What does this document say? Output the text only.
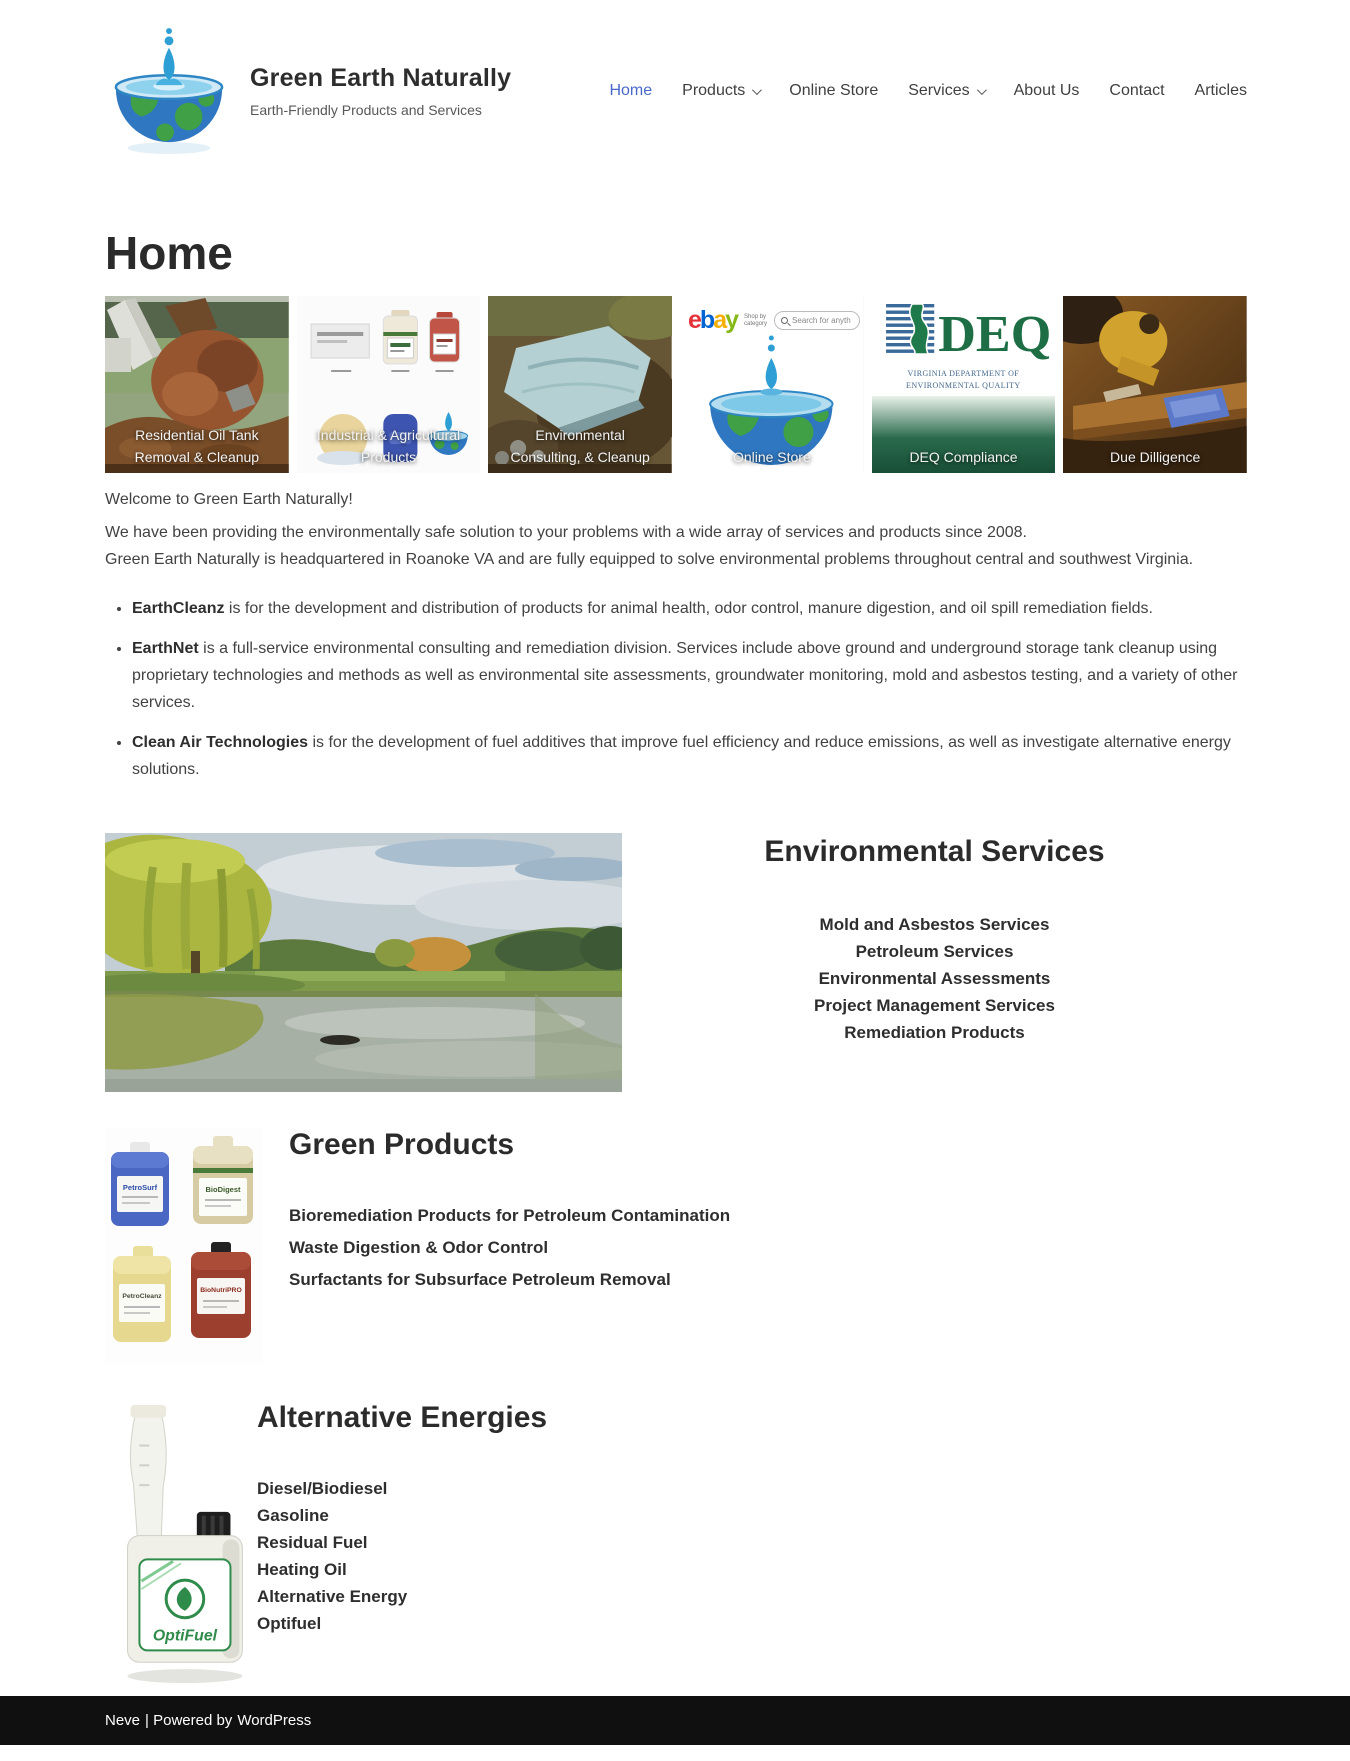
Green Earth Naturally
Earth-Friendly Products and Services
Home Products	Online Store Services	About Us Contact Articles
Home
Residential Oil Tank
Removal & Cleanup
Industrial & Agricultural
Products
Environmental
Consulting, & Cleanup
ebay Shop by
category	Search for anyth
Online Store
DEQ
VIRGINIA DEPARTMENT OF
ENVIRONMENTAL QUALITY
DEQ Compliance	Due Dilligence

Welcome to Green Earth Naturally!

We have been providing the environmentally safe solution to your problems with a wide array of services and products since 2008.
Green Earth Naturally is headquartered in Roanoke VA and are fully equipped to solve environmental problems throughout central and southwest Virginia.

• EarthCleanz is for the development and distribution of products for animal health, odor control, manure digestion, and oil spill remediation fields.
• EarthNet is a full-service environmental consulting and remediation division. Services include above ground and underground storage tank cleanup using proprietary technologies and methods as well as environmental site assessments, groundwater monitoring, mold and asbestos testing, and a variety of other services.
• Clean Air Technologies is for the development of fuel additives that improve fuel efficiency and reduce emissions, as well as investigate alternative energy solutions.
Environmental Services
Mold and Asbestos Services
Petroleum Services
Environmental Assessments
Project Management Services
Remediation Products
PetroSurf	BioDigest
PetroCleanz
BioNutriPRO
Green Products
Bioremediation Products for Petroleum Contamination
Waste Digestion & Odor Control
Surfactants for Subsurface Petroleum Removal
OptiFuel
Alternative Energies
Diesel/Biodiesel
Gasoline
Residual Fuel
Heating Oil
Alternative Energy
Optifuel
Neve | Powered by WordPress
